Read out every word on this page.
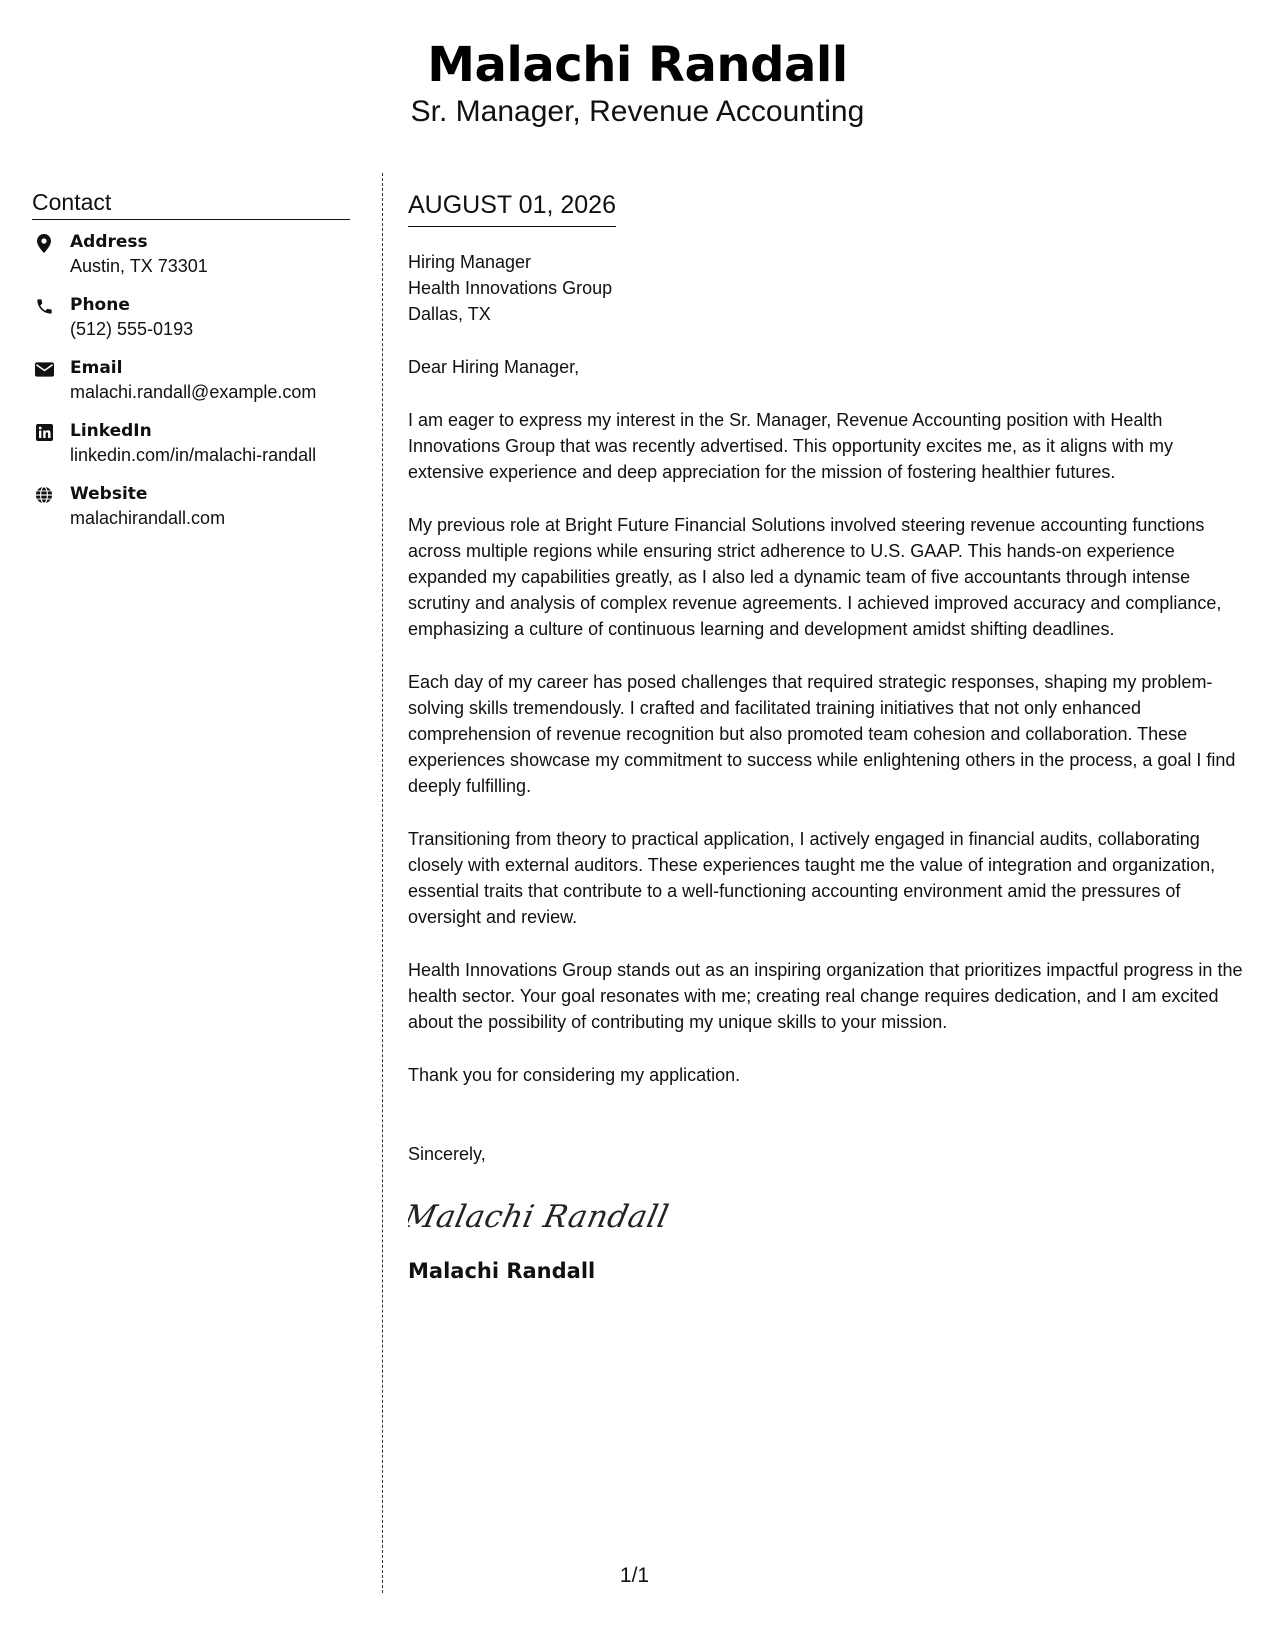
Malachi Randall
Sr. Manager, Revenue Accounting
Contact
Address
Austin, TX 73301
Phone
(512) 555-0193
Email
malachi.randall@example.com
LinkedIn
linkedin.com/in/malachi-randall
Website
malachirandall.com
AUGUST 01, 2026
Hiring Manager
Health Innovations Group
Dallas, TX
Dear Hiring Manager,
I am eager to express my interest in the Sr. Manager, Revenue Accounting position with Health Innovations Group that was recently advertised. This opportunity excites me, as it aligns with my extensive experience and deep appreciation for the mission of fostering healthier futures.
My previous role at Bright Future Financial Solutions involved steering revenue accounting functions across multiple regions while ensuring strict adherence to U.S. GAAP. This hands-on experience expanded my capabilities greatly, as I also led a dynamic team of five accountants through intense scrutiny and analysis of complex revenue agreements. I achieved improved accuracy and compliance, emphasizing a culture of continuous learning and development amidst shifting deadlines.
Each day of my career has posed challenges that required strategic responses, shaping my problem-solving skills tremendously. I crafted and facilitated training initiatives that not only enhanced comprehension of revenue recognition but also promoted team cohesion and collaboration. These experiences showcase my commitment to success while enlightening others in the process, a goal I find deeply fulfilling.
Transitioning from theory to practical application, I actively engaged in financial audits, collaborating closely with external auditors. These experiences taught me the value of integration and organization, essential traits that contribute to a well-functioning accounting environment amid the pressures of oversight and review.
Health Innovations Group stands out as an inspiring organization that prioritizes impactful progress in the health sector. Your goal resonates with me; creating real change requires dedication, and I am excited about the possibility of contributing my unique skills to your mission.
Thank you for considering my application.
Sincerely,
Malachi Randall
Malachi Randall
1/1
